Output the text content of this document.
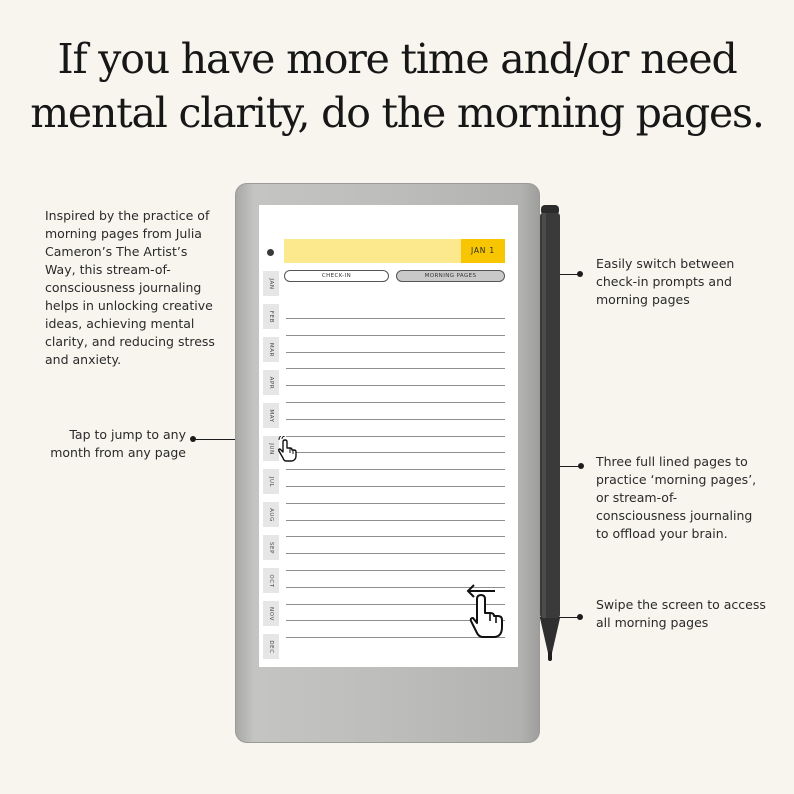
If you have more time and/or need
mental clarity, do the morning pages.
Inspired by the practice of morning pages from Julia Cameron’s The Artist’s Way, this stream-of-consciousness journaling helps in unlocking creative ideas, achieving mental clarity, and reducing stress and anxiety.
Tap to jump to any month from any page
Easily switch between check-in prompts and morning pages
Three full lined pages to practice ‘morning pages’, or stream-of-consciousness journaling to offload your brain.
Swipe the screen to access all morning pages
JAN 1
CHECK-IN	MORNING PAGES
JAN
FEB
MAR
APR
MAY
JUN
JUL
AUG
SEP
OCT
NOV
DEC
